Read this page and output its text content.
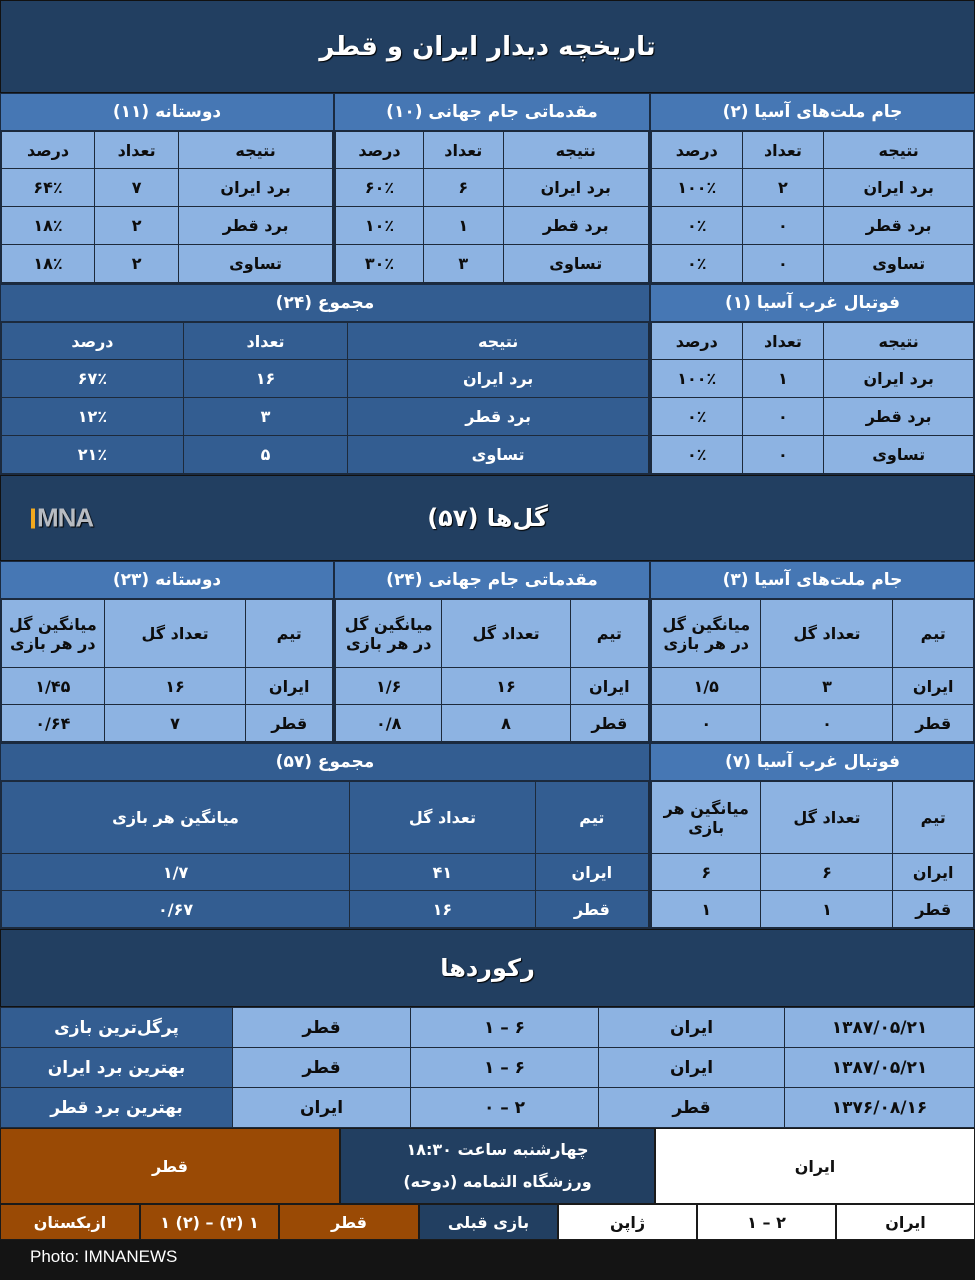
تاریخچه دیدار ایران و قطر
جام ملت‌های آسیا (۲)
نتیجه	تعداد	درصد
برد ایران	۲	۱۰۰٪
برد قطر	۰	۰٪
تساوی	۰	۰٪
مقدماتی جام جهانی (۱۰)
نتیجه	تعداد	درصد
برد ایران	۶	۶۰٪
برد قطر	۱	۱۰٪
تساوی	۳	۳۰٪
دوستانه (۱۱)
نتیجه	تعداد	درصد
برد ایران	۷	۶۴٪
برد قطر	۲	۱۸٪
تساوی	۲	۱۸٪
فوتبال غرب آسیا (۱)
نتیجه	تعداد	درصد
برد ایران	۱	۱۰۰٪
برد قطر	۰	۰٪
تساوی	۰	۰٪
مجموع (۲۴)
نتیجه	تعداد	درصد
برد ایران	۱۶	۶۷٪
برد قطر	۳	۱۲٪
تساوی	۵	۲۱٪
گل‌ها (۵۷)
MNA
جام ملت‌های آسیا (۳)
تیم	تعداد گل	میانگین گل در هر بازی
ایران	۳	۱/۵
قطر	۰	۰
مقدماتی جام جهانی (۲۴)
تیم	تعداد گل	میانگین گل در هر بازی
ایران	۱۶	۱/۶
قطر	۸	۰/۸
دوستانه (۲۳)
تیم	تعداد گل	میانگین گل در هر بازی
ایران	۱۶	۱/۴۵
قطر	۷	۰/۶۴
فوتبال غرب آسیا (۷)
تیم	تعداد گل	میانگین هر بازی
ایران	۶	۶
قطر	۱	۱
مجموع (۵۷)
تیم	تعداد گل	میانگین هر بازی
ایران	۴۱	۱/۷
قطر	۱۶	۰/۶۷
رکوردها
۱۳۸۷/۰۵/۲۱	ایران	۶ – ۱	قطر	پرگل‌ترین بازی
۱۳۸۷/۰۵/۲۱	ایران	۶ – ۱	قطر	بهترین برد ایران
۱۳۷۶/۰۸/۱۶	قطر	۲ – ۰	ایران	بهترین برد قطر
ایران
چهارشنبه ساعت ۱۸:۳۰
ورزشگاه الثمامه (دوحه)
قطر
ایران
۲ – ۱
ژاپن
بازی قبلی
قطر
۱ (۳) – (۲) ۱
ازبکستان
Photo: IMNANEWS
